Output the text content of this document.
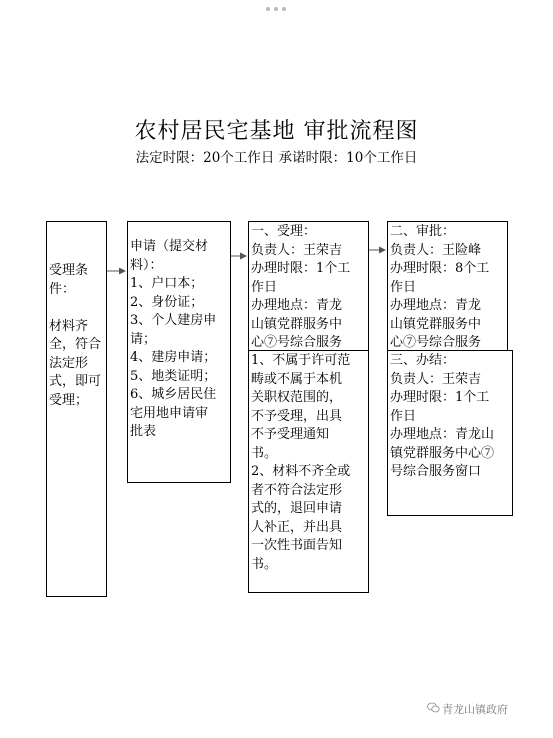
农村居民宅基地 审批流程图
法定时限：20个工作日 承诺时限：10个工作日
受理条
件：

材料齐
全，符合
法定形
式，即可
受理；
申请（提交材
料）：
1、户口本；
2、身份证；
3、个人建房申
请；
4、建房申请；
5、地类证明；
6、城乡居民住
宅用地申请审
批表
一、受理：
负责人：王荣吉
办理时限：1个工
作日
办理地点：青龙
山镇党群服务中
心⑦号综合服务

1、不属于许可范
畴或不属于本机
关职权范围的，
不予受理，出具
不予受理通知
书。
2、材料不齐全或
者不符合法定形
式的，退回申请
人补正，并出具
一次性书面告知
书。
二、审批：
负责人：王险峰
办理时限：8个工
作日
办理地点：青龙
山镇党群服务中
心⑦号综合服务

三、办结：
负责人：王荣吉
办理时限：1个工
作日
办理地点：青龙山
镇党群服务中心⑦
号综合服务窗口
青龙山镇政府
